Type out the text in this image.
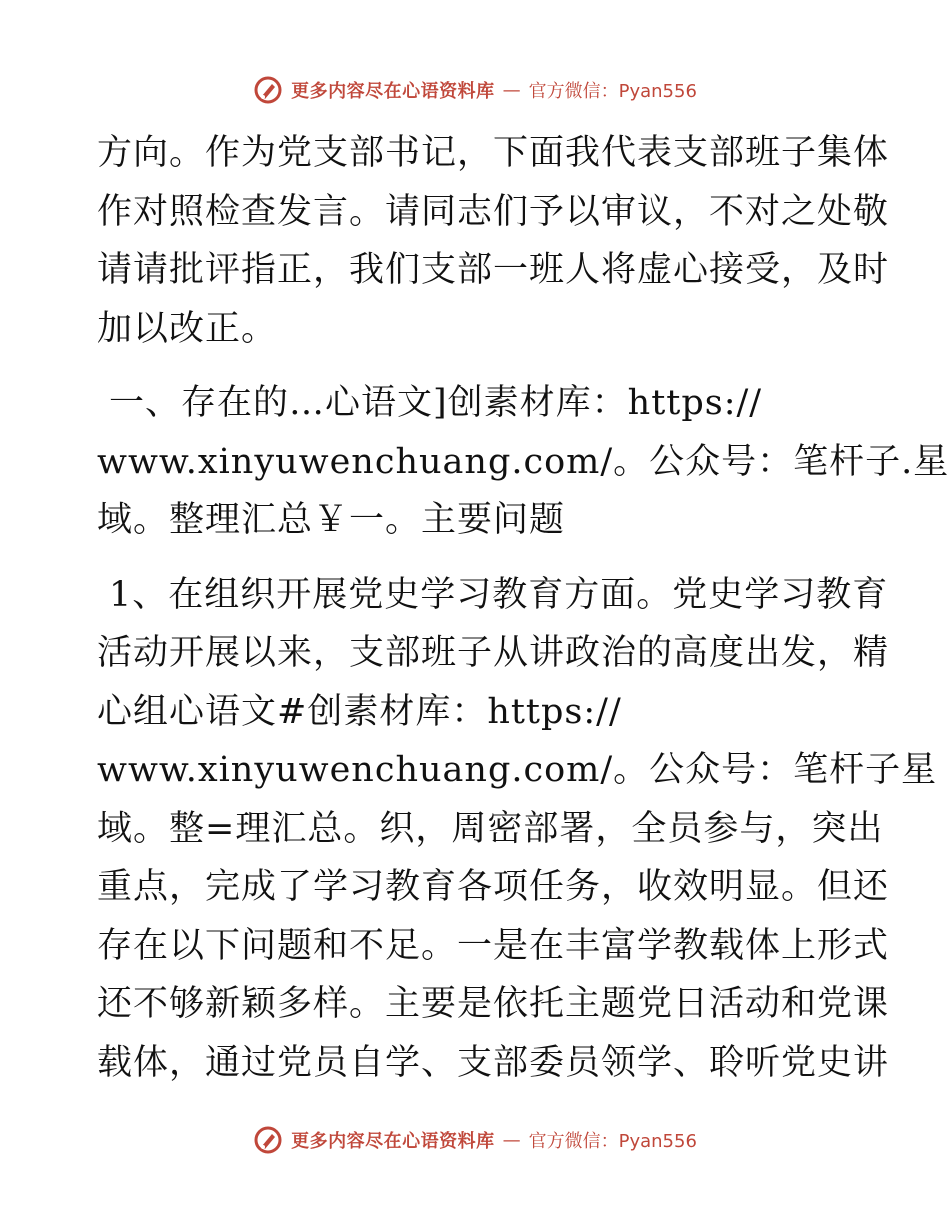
更多内容尽在心语资料库 — 官方微信：Pyan556

方向。作为党支部书记，下面我代表支部班子集体
作对照检查发言。请同志们予以审议，不对之处敬
请请批评指正，我们支部一班人将虚心接受，及时
加以改正。

一、存在的…心语文]创素材库：https://
www.xinyuwenchuang.com/。公众号：笔杆子.星
域。整理汇总￥一。主要问题

1、在组织开展党史学习教育方面。党史学习教育
活动开展以来，支部班子从讲政治的高度出发，精
心组心语文#创素材库：https://
www.xinyuwenchuang.com/。公众号：笔杆子星
域。整=理汇总。织，周密部署，全员参与，突出
重点，完成了学习教育各项任务，收效明显。但还
存在以下问题和不足。一是在丰富学教载体上形式
还不够新颖多样。主要是依托主题党日活动和党课
载体，通过党员自学、支部委员领学、聆听党史讲

更多内容尽在心语资料库 — 官方微信：Pyan556
